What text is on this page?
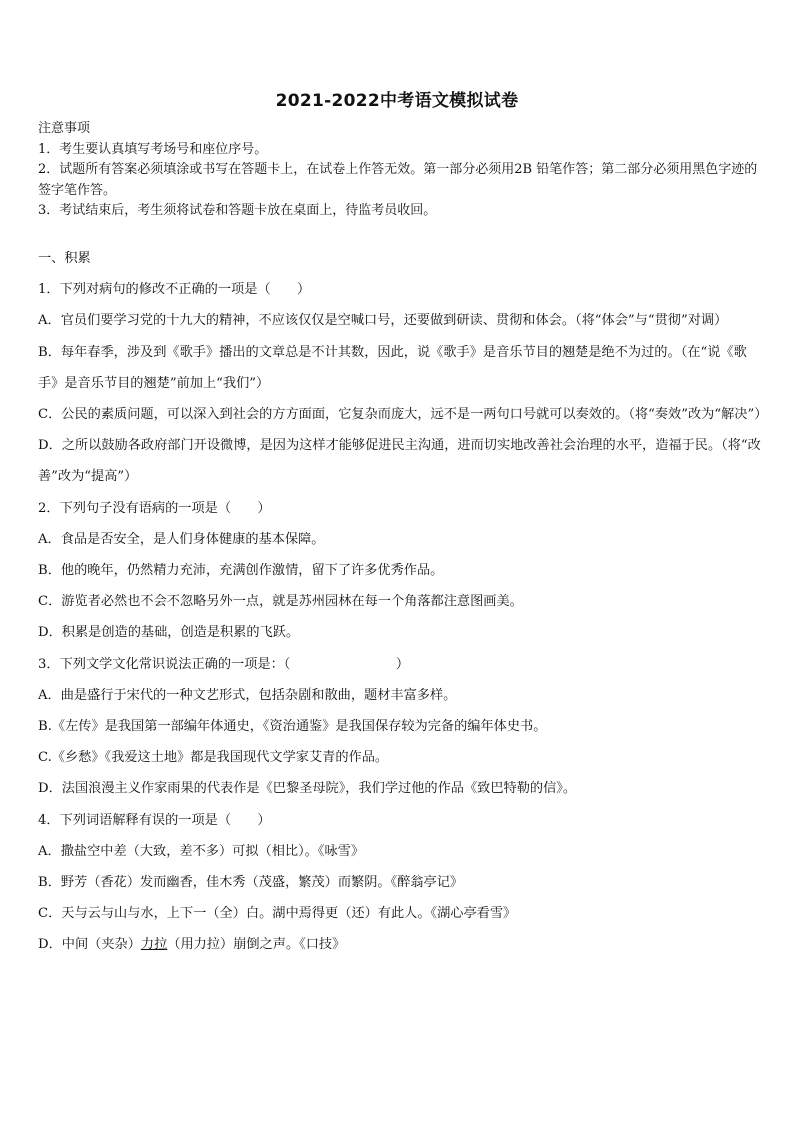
2021-2022中考语文模拟试卷

注意事项

1．考生要认真填写考场号和座位序号。

2．试题所有答案必须填涂或书写在答题卡上，在试卷上作答无效。第一部分必须用2B 铅笔作答；第二部分必须用黑色字迹的签字笔作答。

3．考试结束后，考生须将试卷和答题卡放在桌面上，待监考员收回。

一、积累

1．下列对病句的修改不正确的一项是（　　）

A．官员们要学习党的十九大的精神，不应该仅仅是空喊口号，还要做到研读、贯彻和体会。（将“体会”与“贯彻”对调）

B．每年春季，涉及到《歌手》播出的文章总是不计其数，因此，说《歌手》是音乐节目的翘楚是绝不为过的。（在“说《歌手》是音乐节目的翘楚”前加上“我们”）

C．公民的素质问题，可以深入到社会的方方面面，它复杂而庞大，远不是一两句口号就可以奏效的。（将“奏效”改为“解决”）

D．之所以鼓励各政府部门开设微博，是因为这样才能够促进民主沟通，进而切实地改善社会治理的水平，造福于民。（将“改善”改为“提高”）

2．下列句子没有语病的一项是（　　）

A．食品是否安全，是人们身体健康的基本保障。

B．他的晚年，仍然精力充沛，充满创作激情，留下了许多优秀作品。

C．游览者必然也不会不忽略另外一点，就是苏州园林在每一个角落都注意图画美。

D．积累是创造的基础，创造是积累的飞跃。

3．下列文学文化常识说法正确的一项是：（　　　　　　　　）

A．曲是盛行于宋代的一种文艺形式，包括杂剧和散曲，题材丰富多样。

B.《左传》是我国第一部编年体通史，《资治通鉴》是我国保存较为完备的编年体史书。

C.《乡愁》《我爱这土地》都是我国现代文学家艾青的作品。

D．法国浪漫主义作家雨果的代表作是《巴黎圣母院》，我们学过他的作品《致巴特勒的信》。

4．下列词语解释有误的一项是（　　）

A．撒盐空中差（大致，差不多）可拟（相比）。《咏雪》

B．野芳（香花）发而幽香，佳木秀（茂盛，繁茂）而繁阴。《醉翁亭记》

C．天与云与山与水，上下一（全）白。湖中焉得更（还）有此人。《湖心亭看雪》

D．中间（夹杂）力拉（用力拉）崩倒之声。《口技》
